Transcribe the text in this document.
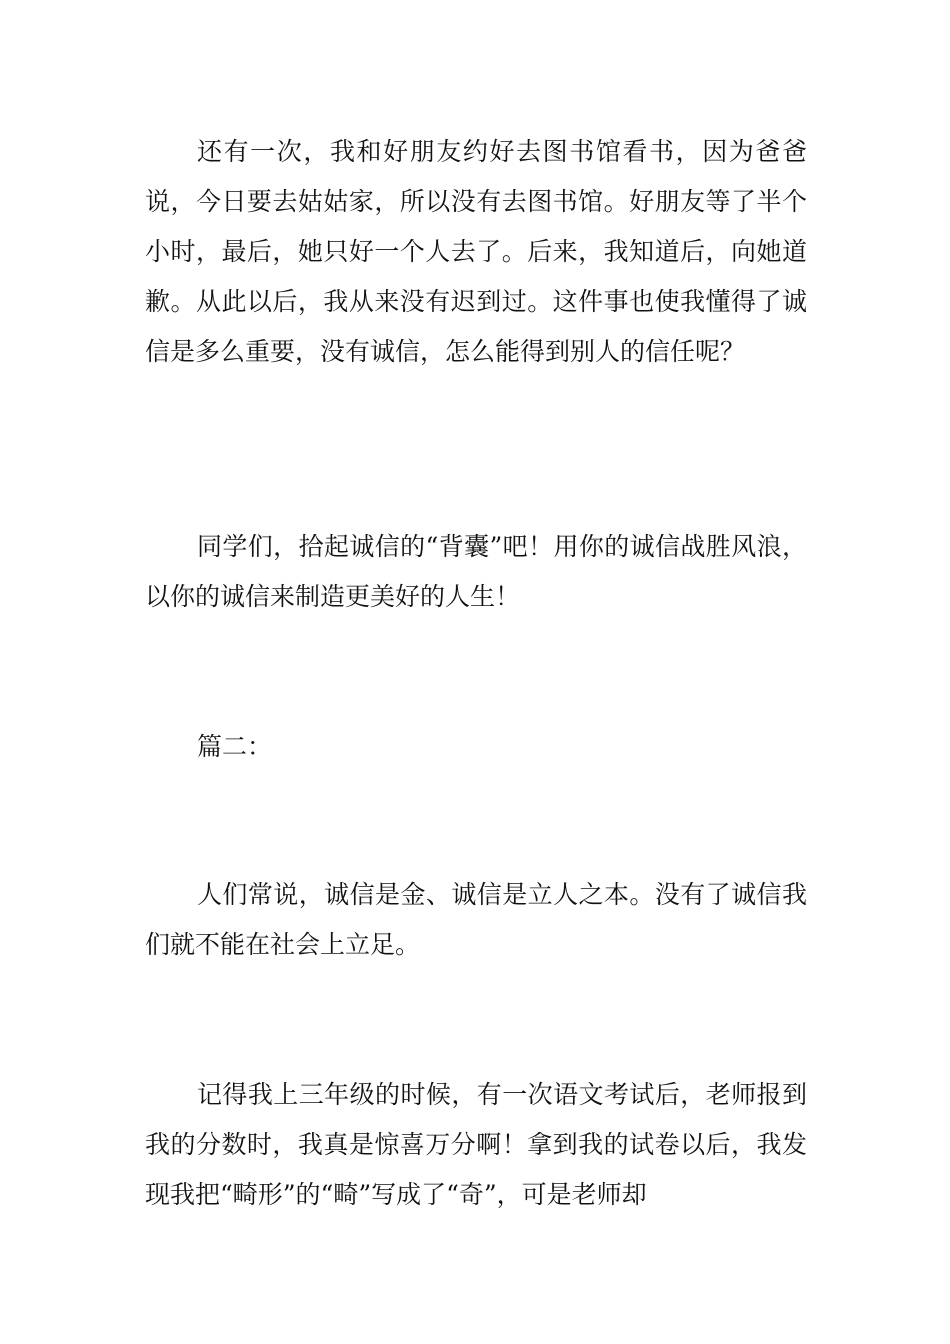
还有一次，我和好朋友约好去图书馆看书，因为爸爸说，今日要去姑姑家，所以没有去图书馆。好朋友等了半个小时，最后，她只好一个人去了。后来，我知道后，向她道歉。从此以后，我从来没有迟到过。这件事也使我懂得了诚信是多么重要，没有诚信，怎么能得到别人的信任呢？

同学们，拾起诚信的“背囊”吧！用你的诚信战胜风浪，以你的诚信来制造更美好的人生！

篇二：

人们常说，诚信是金、诚信是立人之本。没有了诚信我们就不能在社会上立足。

记得我上三年级的时候，有一次语文考试后，老师报到我的分数时，我真是惊喜万分啊！拿到我的试卷以后，我发现我把“畸形”的“畸”写成了“奇”，可是老师却
